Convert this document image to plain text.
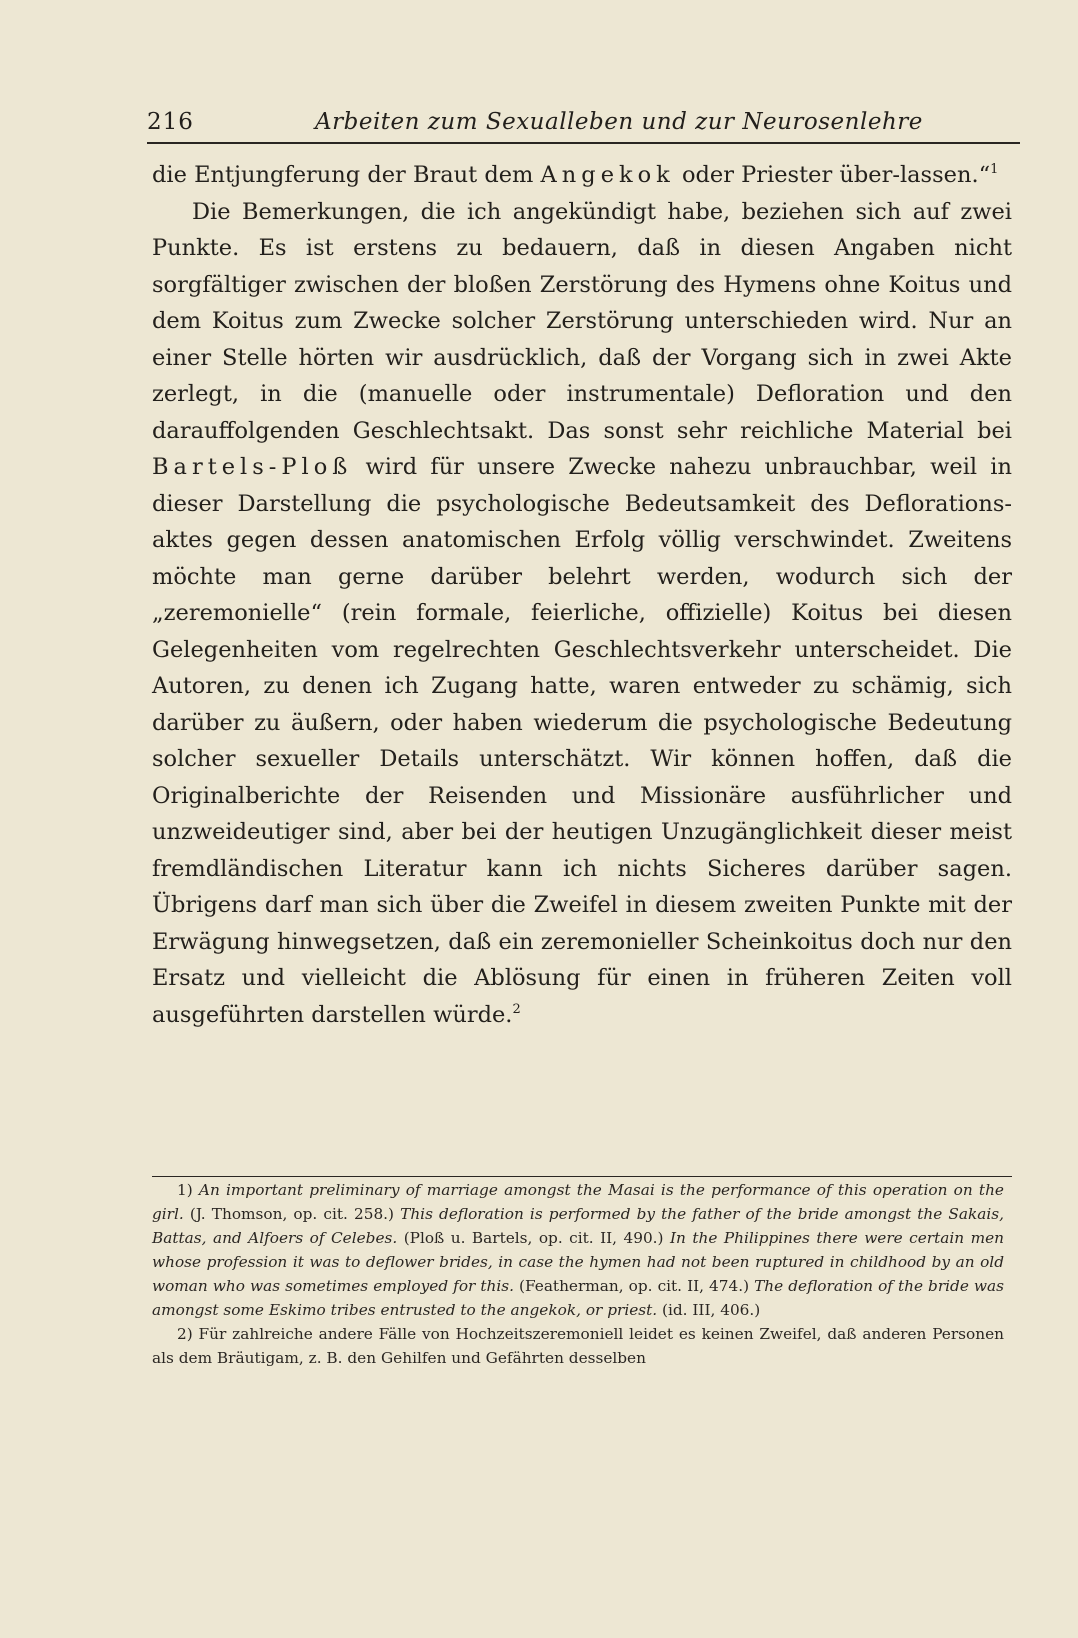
216	Arbeiten zum Sexualleben und zur Neurosenlehre

die Entjungferung der Braut dem Angekok oder Priester über-lassen.“$^1$

Die Bemerkungen, die ich angekündigt habe, beziehen sich auf zwei Punkte. Es ist erstens zu bedauern, daß in diesen Angaben nicht sorgfältiger zwischen der bloßen Zerstörung des Hymens ohne Koitus und dem Koitus zum Zwecke solcher Zerstörung unterschieden wird. Nur an einer Stelle hörten wir ausdrücklich, daß der Vorgang sich in zwei Akte zerlegt, in die (manuelle oder instrumentale) Defloration und den darauffolgenden Geschlechtsakt. Das sonst sehr reichliche Material bei Bartels-Ploß wird für unsere Zwecke nahezu unbrauchbar, weil in dieser Darstellung die psychologische Bedeutsamkeit des Deflorations-aktes gegen dessen anatomischen Erfolg völlig verschwindet. Zweitens möchte man gerne darüber belehrt werden, wodurch sich der „zeremonielle“ (rein formale, feierliche, offizielle) Koitus bei diesen Gelegenheiten vom regelrechten Geschlechtsverkehr unterscheidet. Die Autoren, zu denen ich Zugang hatte, waren entweder zu schämig, sich darüber zu äußern, oder haben wiederum die psychologische Bedeutung solcher sexueller Details unterschätzt. Wir können hoffen, daß die Originalberichte der Reisenden und Missionäre ausführlicher und unzweideutiger sind, aber bei der heutigen Unzugänglichkeit dieser meist fremdländischen Literatur kann ich nichts Sicheres darüber sagen. Übrigens darf man sich über die Zweifel in diesem zweiten Punkte mit der Erwägung hinwegsetzen, daß ein zeremonieller Scheinkoitus doch nur den Ersatz und vielleicht die Ablösung für einen in früheren Zeiten voll ausgeführten darstellen würde.$^2$

1) An important preliminary of marriage amongst the Masai is the performance of this operation on the girl. (J. Thomson, op. cit. 258.) This defloration is performed by the father of the bride amongst the Sakais, Battas, and Alfoers of Celebes. (Ploß u. Bartels, op. cit. II, 490.) In the Philippines there were certain men whose profession it was to deflower brides, in case the hymen had not been ruptured in childhood by an old woman who was sometimes employed for this. (Featherman, op. cit. II, 474.) The defloration of the bride was amongst some Eskimo tribes entrusted to the angekok, or priest. (id. III, 406.)

2) Für zahlreiche andere Fälle von Hochzeitszeremoniell leidet es keinen Zweifel, daß anderen Personen als dem Bräutigam, z. B. den Gehilfen und Gefährten desselben
